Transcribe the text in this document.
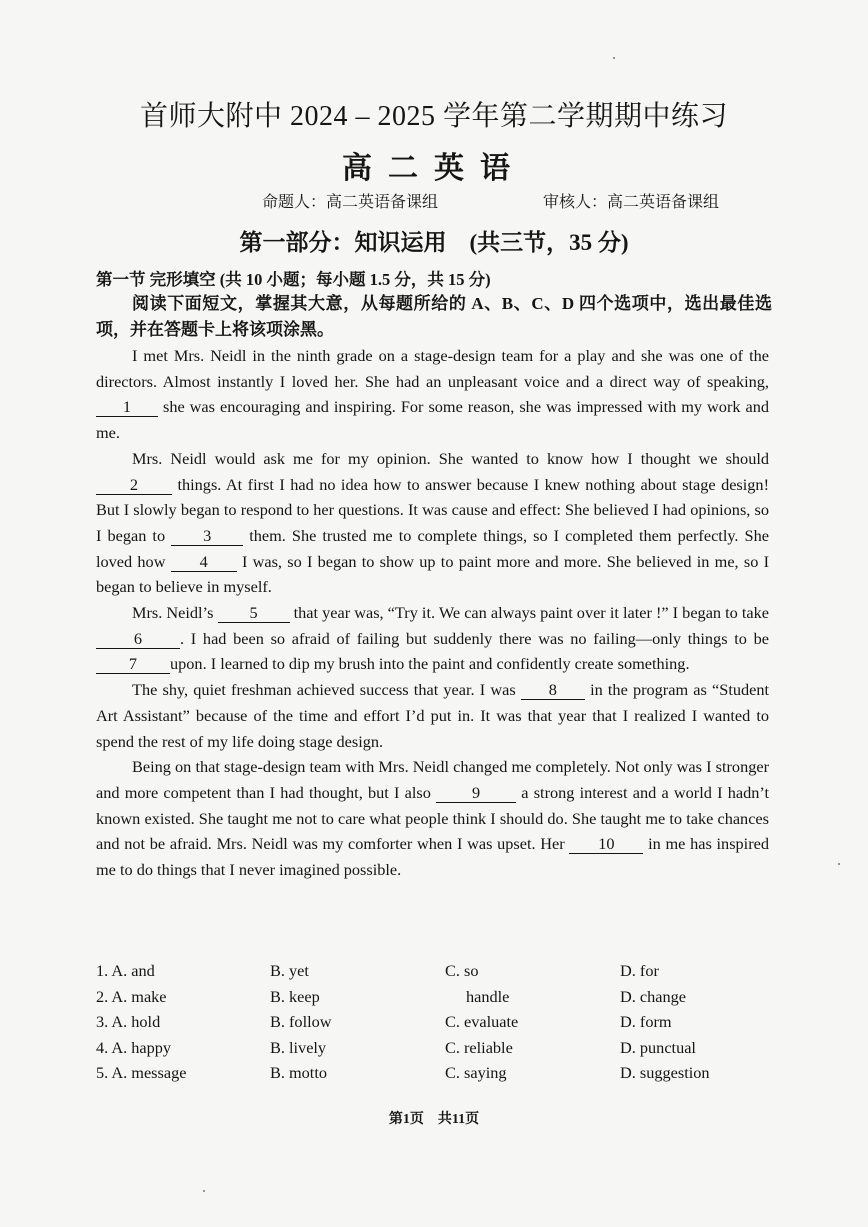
首师大附中 2024 – 2025 学年第二学期期中练习
高二英语
命题人：高二英语备课组	审核人：高二英语备课组
第一部分：知识运用　(共三节，35 分)
第一节 完形填空 (共 10 小题；每小题 1.5 分，共 15 分)
阅读下面短文，掌握其大意，从每题所给的 A、B、C、D 四个选项中，选出最佳选项，并在答题卡上将该项涂黑。

I met Mrs. Neidl in the ninth grade on a stage-design team for a play and she was one of the directors. Almost instantly I loved her. She had an unpleasant voice and a direct way of speaking, 1 she was encouraging and inspiring. For some reason, she was impressed with my work and me.

Mrs. Neidl would ask me for my opinion. She wanted to know how I thought we should 2 things. At first I had no idea how to answer because I knew nothing about stage design! But I slowly began to respond to her questions. It was cause and effect: She believed I had opinions, so I began to 3 them. She trusted me to complete things, so I completed them perfectly. She loved how 4 I was, so I began to show up to paint more and more. She believed in me, so I began to believe in myself.

Mrs. Neidl’s 5 that year was, “Try it. We can always paint over it later !” I began to take 6 . I had been so afraid of failing but suddenly there was no failing—only things to be 7 upon. I learned to dip my brush into the paint and confidently create something.

The shy, quiet freshman achieved success that year. I was 8 in the program as “Student Art Assistant” because of the time and effort I’d put in. It was that year that I realized I wanted to spend the rest of my life doing stage design.

Being on that stage-design team with Mrs. Neidl changed me completely. Not only was I stronger and more competent than I had thought, but I also	9	a strong interest and a world I hadn’t known existed. She taught me not to care what people think I should do. She taught me to take chances and not be afraid. Mrs. Neidl was my comforter when I was upset. Her 10 in me has inspired me to do things that I never imagined possible.

1. A. and	B. yet	C. so	D. for
2. A. make	B. keep	handle	D. change
3. A. hold	B. follow	C. evaluate	D. form
4. A. happy	B. lively	C. reliable	D. punctual
5. A. message	B. motto	C. saying	D. suggestion
第1页　共11页
